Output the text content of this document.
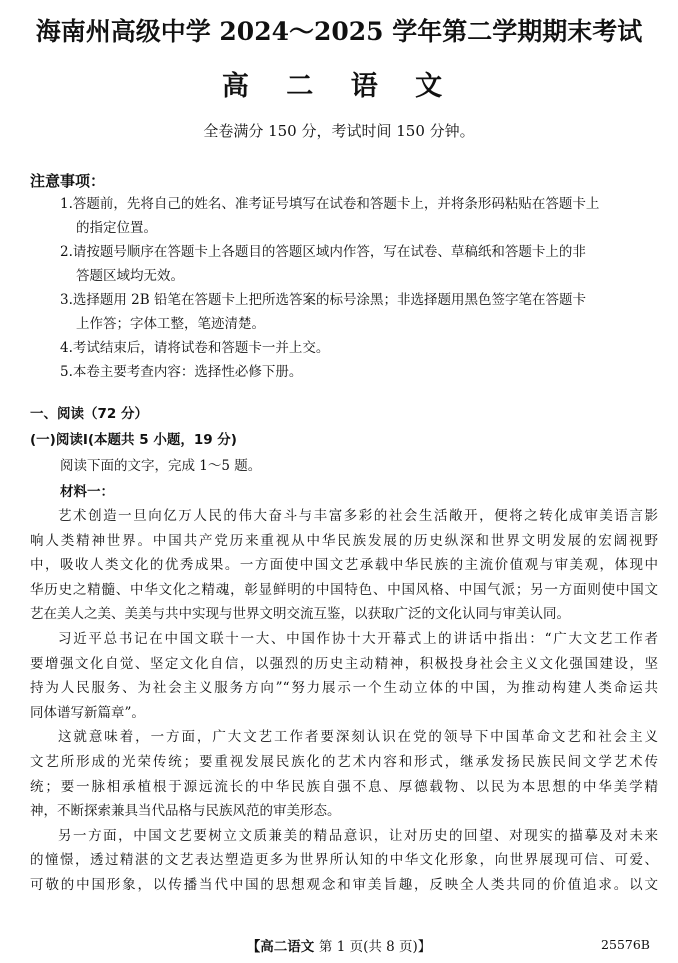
海南州高级中学 2024～2025 学年第二学期期末考试
高 二 语 文
全卷满分 150 分，考试时间 150 分钟。
注意事项：
1.答题前，先将自己的姓名、准考证号填写在试卷和答题卡上，并将条形码粘贴在答题卡上
的指定位置。
2.请按题号顺序在答题卡上各题目的答题区域内作答，写在试卷、草稿纸和答题卡上的非
答题区域均无效。
3.选择题用 2B 铅笔在答题卡上把所选答案的标号涂黑；非选择题用黑色签字笔在答题卡
上作答；字体工整，笔迹清楚。
4.考试结束后，请将试卷和答题卡一并上交。
5.本卷主要考查内容：选择性必修下册。
一、阅读（72 分）
(一)阅读Ⅰ(本题共 5 小题，19 分)
阅读下面的文字，完成 1～5 题。
材料一：
艺术创造一旦向亿万人民的伟大奋斗与丰富多彩的社会生活敞开，便将之转化成审美语言影
响人类精神世界。中国共产党历来重视从中华民族发展的历史纵深和世界文明发展的宏阔视野
中，吸收人类文化的优秀成果。一方面使中国文艺承载中华民族的主流价值观与审美观，体现中
华历史之精髓、中华文化之精魂，彰显鲜明的中国特色、中国风格、中国气派；另一方面则使中国文
艺在美人之美、美美与共中实现与世界文明交流互鉴，以获取广泛的文化认同与审美认同。
习近平总书记在中国文联十一大、中国作协十大开幕式上的讲话中指出：“广大文艺工作者
要增强文化自觉、坚定文化自信，以强烈的历史主动精神，积极投身社会主义文化强国建设，坚
持为人民服务、为社会主义服务方向”“努力展示一个生动立体的中国，为推动构建人类命运共
同体谱写新篇章”。
这就意味着，一方面，广大文艺工作者要深刻认识在党的领导下中国革命文艺和社会主义
文艺所形成的光荣传统；要重视发展民族化的艺术内容和形式，继承发扬民族民间文学艺术传
统；要一脉相承植根于源远流长的中华民族自强不息、厚德载物、以民为本思想的中华美学精
神，不断探索兼具当代品格与民族风范的审美形态。
另一方面，中国文艺要树立文质兼美的精品意识，让对历史的回望、对现实的描摹及对未来
的憧憬，透过精湛的文艺表达塑造更多为世界所认知的中华文化形象，向世界展现可信、可爱、
可敬的中国形象，以传播当代中国的思想观念和审美旨趣，反映全人类共同的价值追求。以文
【高二语文 第 1 页(共 8 页)】	25576B
